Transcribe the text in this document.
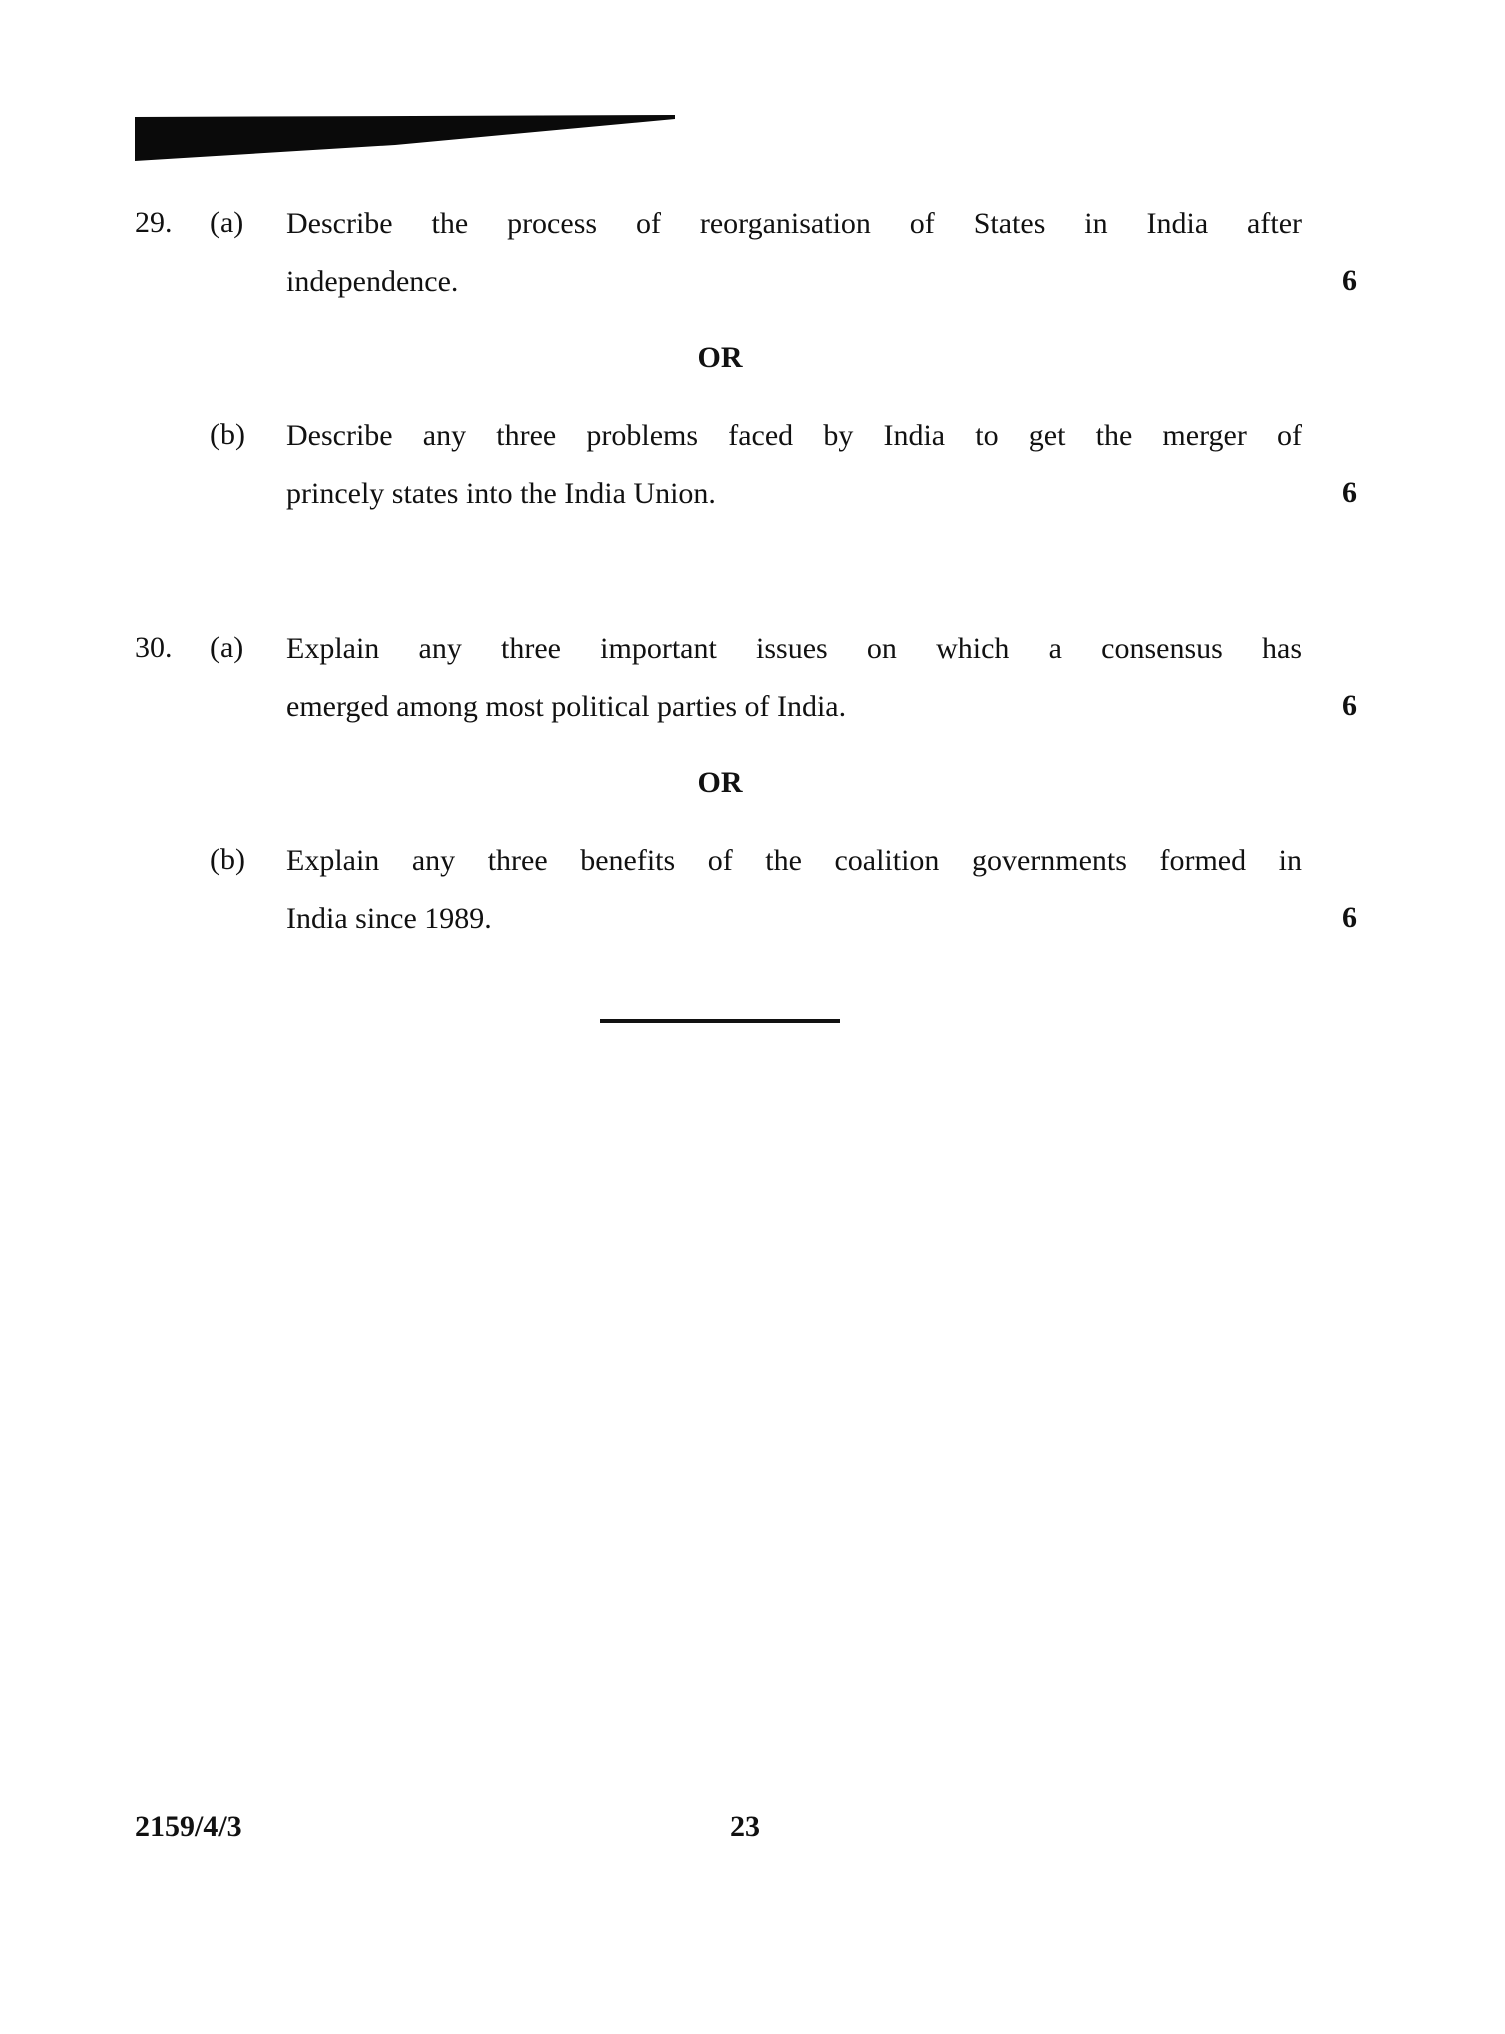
29. (a) Describe the process of reorganisation of States in India after
independence.	6
OR
(b) Describe any three problems faced by India to get the merger of
princely states into the India Union.	6
30. (a) Explain any three important issues on which a consensus has
emerged among most political parties of India.	6
OR
(b) Explain any three benefits of the coalition governments formed in
India since 1989.	6
2159/4/3	23
